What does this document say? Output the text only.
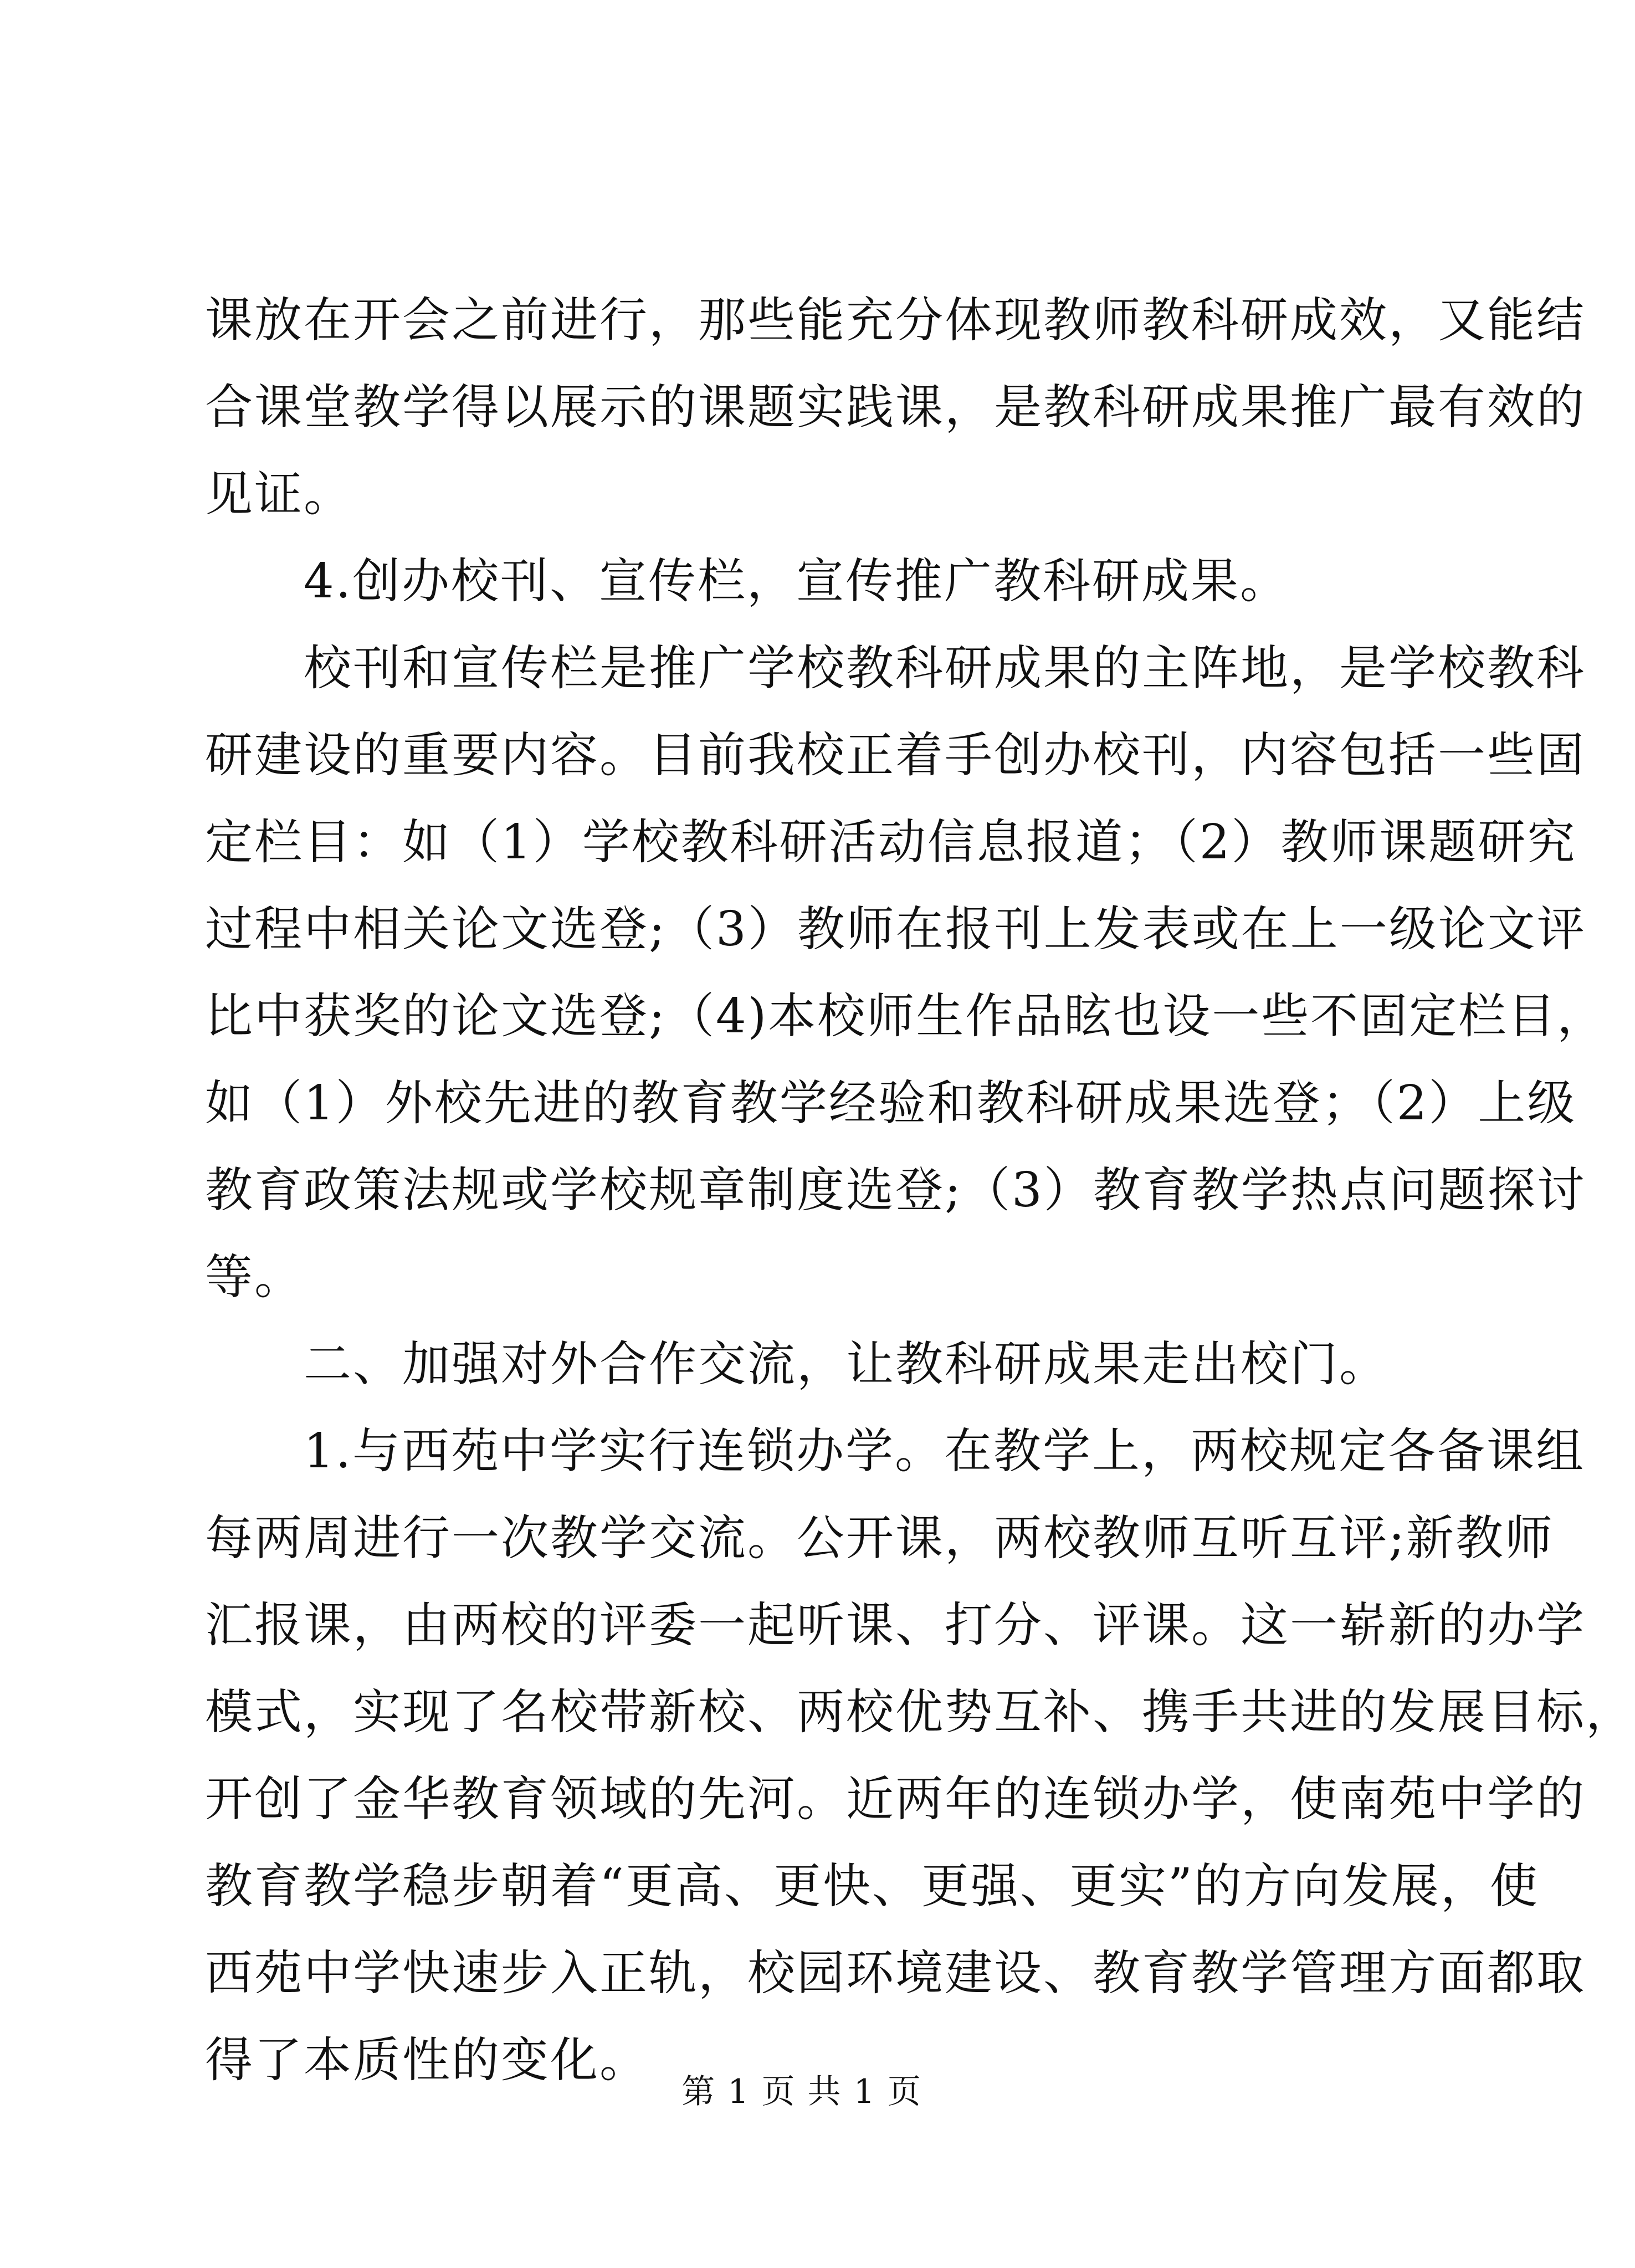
课放在开会之前进行，那些能充分体现教师教科研成效，又能结
合课堂教学得以展示的课题实践课，是教科研成果推广最有效的
见证。
4.创办校刊、宣传栏，宣传推广教科研成果。
校刊和宣传栏是推广学校教科研成果的主阵地，是学校教科
研建设的重要内容。目前我校正着手创办校刊，内容包括一些固
定栏目：如（1）学校教科研活动信息报道；（2）教师课题研究
过程中相关论文选登;（3）教师在报刊上发表或在上一级论文评
比中获奖的论文选登;（4)本校师生作品眩也设一些不固定栏目，
如（1）外校先进的教育教学经验和教科研成果选登；（2）上级
教育政策法规或学校规章制度选登;（3）教育教学热点问题探讨
等。
二、加强对外合作交流，让教科研成果走出校门。
1.与西苑中学实行连锁办学。在教学上，两校规定各备课组
每两周进行一次教学交流。公开课，两校教师互听互评;新教师
汇报课，由两校的评委一起听课、打分、评课。这一崭新的办学
模式，实现了名校带新校、两校优势互补、携手共进的发展目标，
开创了金华教育领域的先河。近两年的连锁办学，使南苑中学的
教育教学稳步朝着“更高、更快、更强、更实”的方向发展，使
西苑中学快速步入正轨，校园环境建设、教育教学管理方面都取
得了本质性的变化。
第 1 页 共 1 页
